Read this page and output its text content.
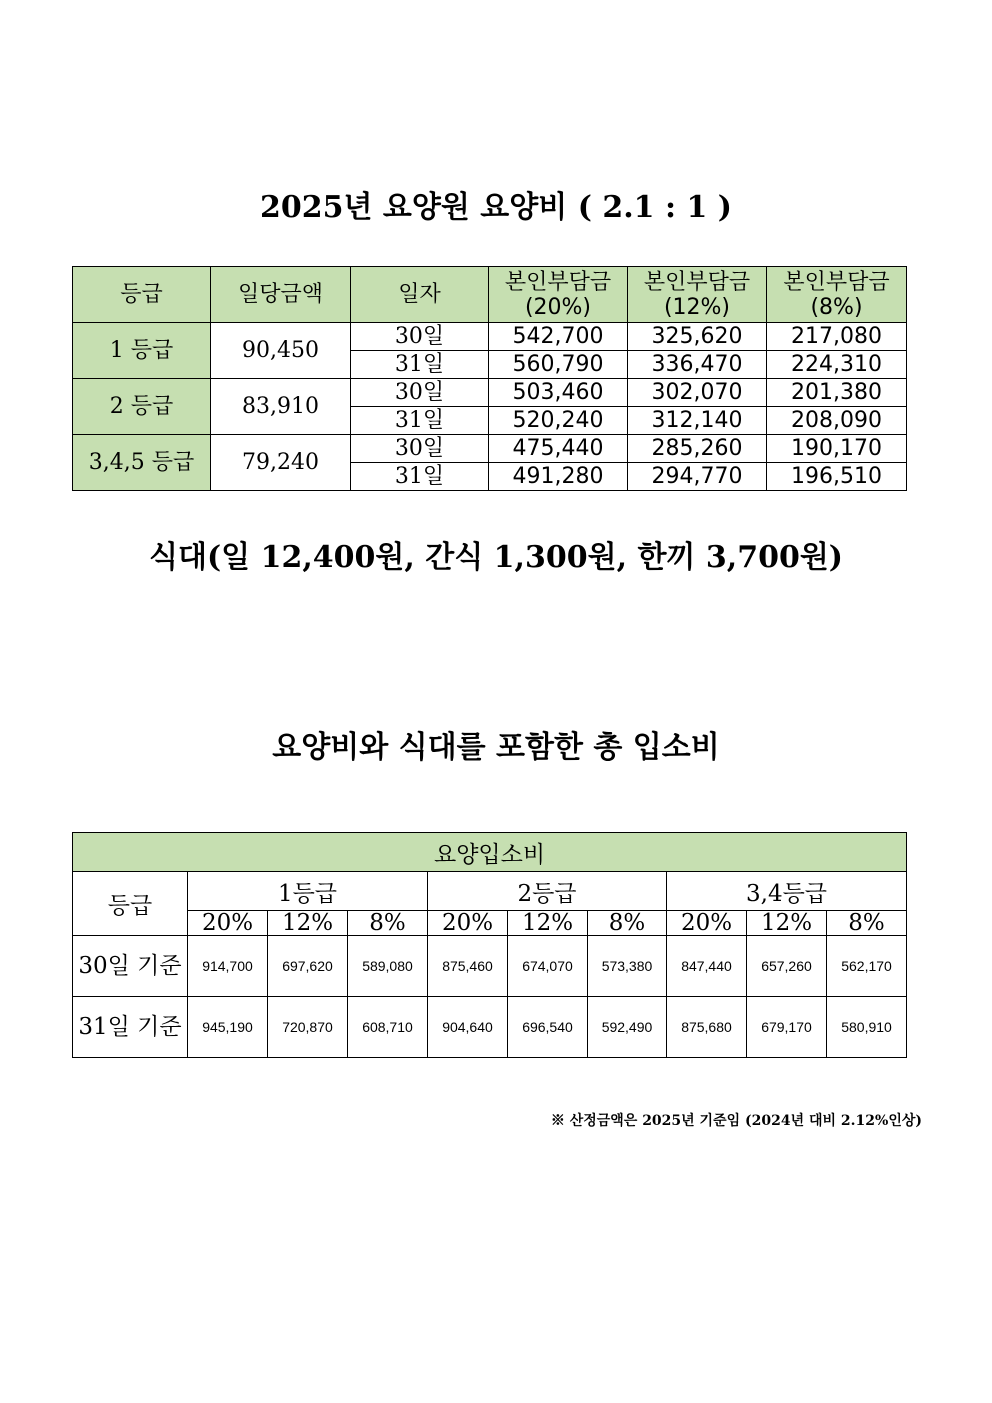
2025년 요양원 요양비 ( 2.1 : 1 )
등급	일당금액	일자	본인부담금 (20%)	본인부담금 (12%)	본인부담금 (8%)
1 등급	90,450	30일	542,700	325,620	217,080
		31일	560,790	336,470	224,310
2 등급	83,910	30일	503,460	302,070	201,380
		31일	520,240	312,140	208,090
3,4,5 등급	79,240	30일	475,440	285,260	190,170
		31일	491,280	294,770	196,510
식대(일 12,400원, 간식 1,300원, 한끼 3,700원)
요양비와 식대를 포함한 총 입소비
요양입소비									
등급	1등급			2등급			3,4등급		
	20%	12%	8%	20%	12%	8%	20%	12%	8%
30일 기준	914,700	697,620	589,080	875,460	674,070	573,380	847,440	657,260	562,170
31일 기준	945,190	720,870	608,710	904,640	696,540	592,490	875,680	679,170	580,910
※ 산정금액은 2025년 기준임 (2024년 대비 2.12%인상)
